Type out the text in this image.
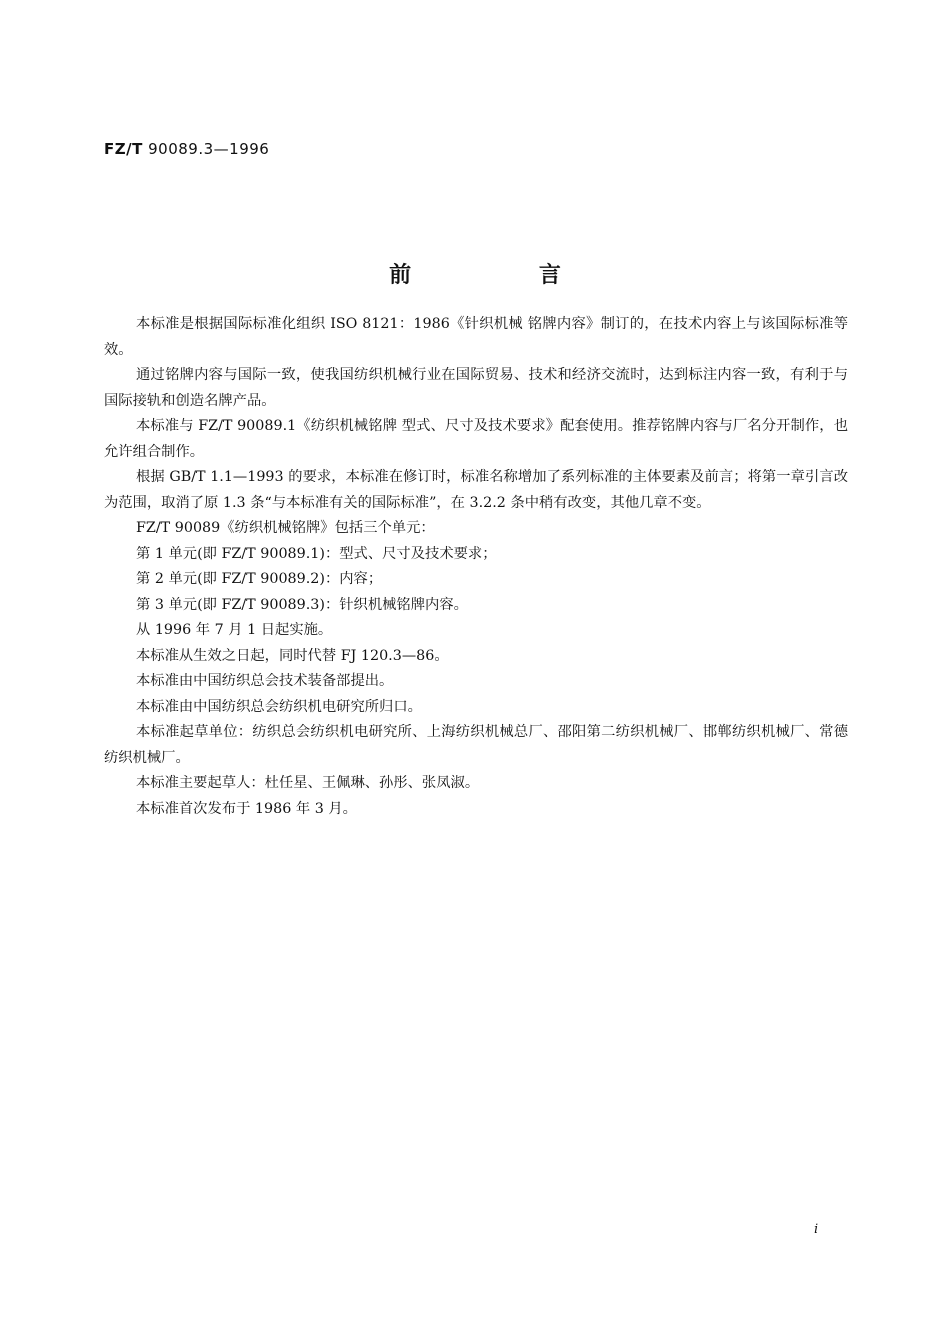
FZ/T 90089.3—1996
前 言

本标准是根据国际标准化组织 ISO 8121：1986《针织机械 铭牌内容》制订的，在技术内容上与该国际标准等效。

通过铭牌内容与国际一致，使我国纺织机械行业在国际贸易、技术和经济交流时，达到标注内容一致，有利于与国际接轨和创造名牌产品。

本标准与 FZ/T 90089.1《纺织机械铭牌 型式、尺寸及技术要求》配套使用。推荐铭牌内容与厂名分开制作，也允许组合制作。

根据 GB/T 1.1—1993 的要求，本标准在修订时，标准名称增加了系列标准的主体要素及前言；将第一章引言改为范围，取消了原 1.3 条“与本标准有关的国际标准”，在 3.2.2 条中稍有改变，其他几章不变。

FZ/T 90089《纺织机械铭牌》包括三个单元：

第 1 单元(即 FZ/T 90089.1)：型式、尺寸及技术要求；

第 2 单元(即 FZ/T 90089.2)：内容；

第 3 单元(即 FZ/T 90089.3)：针织机械铭牌内容。

从 1996 年 7 月 1 日起实施。

本标准从生效之日起，同时代替 FJ 120.3—86。

本标准由中国纺织总会技术装备部提出。

本标准由中国纺织总会纺织机电研究所归口。

本标准起草单位：纺织总会纺织机电研究所、上海纺织机械总厂、邵阳第二纺织机械厂、邯郸纺织机械厂、常德纺织机械厂。

本标准主要起草人：杜任星、王佩琳、孙彤、张凤淑。

本标准首次发布于 1986 年 3 月。

i
